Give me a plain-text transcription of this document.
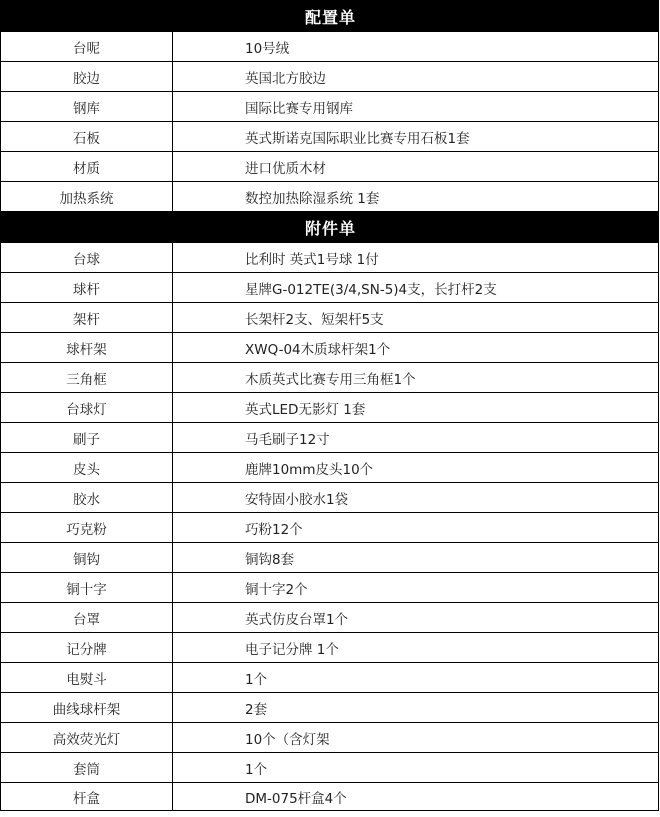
	配置单
台呢	10号绒
胶边	英国北方胶边
钢库	国际比赛专用钢库
石板	英式斯诺克国际职业比赛专用石板1套
材质	进口优质木材
加热系统	数控加热除湿系统 1套
	附件单
台球	比利时 英式1号球 1付
球杆	星牌G-012TE(3/4,SN-5)4支，长打杆2支
架杆	长架杆2支、短架杆5支
球杆架	XWQ-04木质球杆架1个
三角框	木质英式比赛专用三角框1个
台球灯	英式LED无影灯 1套
刷子	马毛刷子12寸
皮头	鹿牌10mm皮头10个
胶水	安特固小胶水1袋
巧克粉	巧粉12个
铜钩	铜钩8套
铜十字	铜十字2个
台罩	英式仿皮台罩1个
记分牌	电子记分牌 1个
电熨斗	1个
曲线球杆架	2套
高效荧光灯	10个（含灯架
套筒	1个
杆盒	DM-075杆盒4个
